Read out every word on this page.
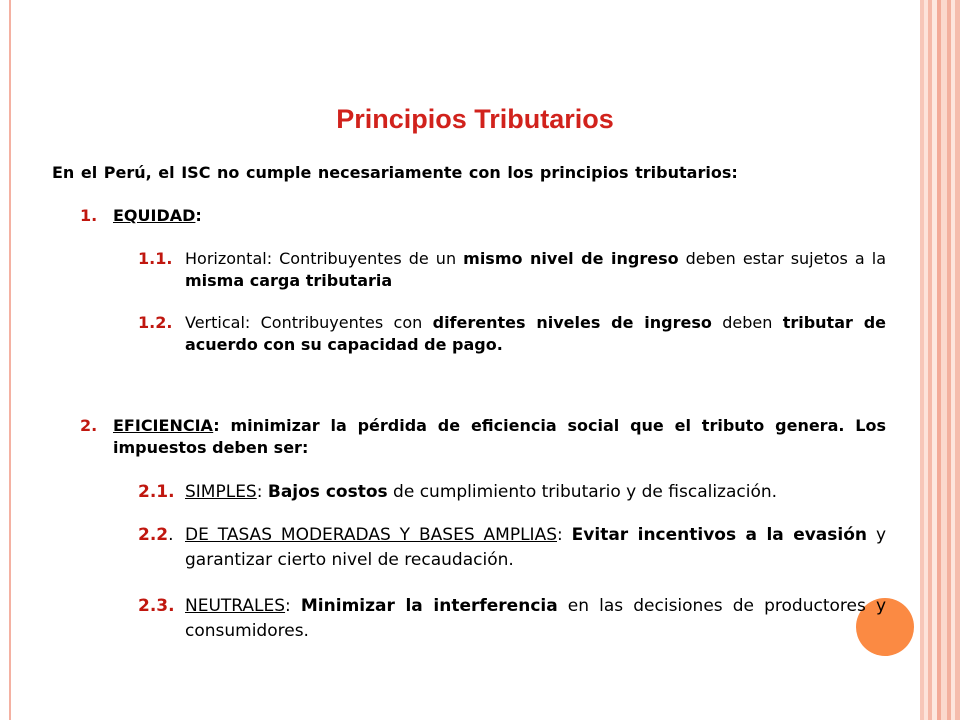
Principios Tributarios
En el Perú, el ISC no cumple necesariamente con los principios tributarios:
1. EQUIDAD:
1.1. Horizontal: Contribuyentes de un mismo nivel de ingreso deben estar sujetos a la misma carga tributaria
1.2. Vertical: Contribuyentes con diferentes niveles de ingreso deben tributar de acuerdo con su capacidad de pago.
2. EFICIENCIA: minimizar la pérdida de eficiencia social que el tributo genera. Los impuestos deben ser:
2.1. SIMPLES: Bajos costos de cumplimiento tributario y de fiscalización.
2.2. DE TASAS MODERADAS Y BASES AMPLIAS: Evitar incentivos a la evasión y garantizar cierto nivel de recaudación.
2.3. NEUTRALES: Minimizar la interferencia en las decisiones de productores y consumidores.
